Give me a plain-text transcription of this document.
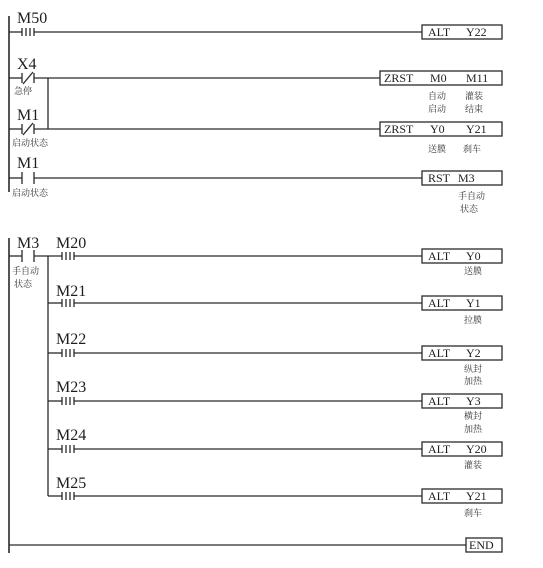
M50
ALT Y22
X4
急停
ZRST M0 M11
自动 灌装
启动 结束
M1
启动状态
ZRST Y0 Y21
送膜 刹车
M1
启动状态
RST M3
手自动
状态
M3
手自动
状态
M20
ALT Y0
送膜
M21
ALT Y1
拉膜
M22
ALT Y2
纵封
加热
M23
ALT Y3
横封
加热
M24
ALT Y20
灌装
M25
ALT Y21
刹车
END
